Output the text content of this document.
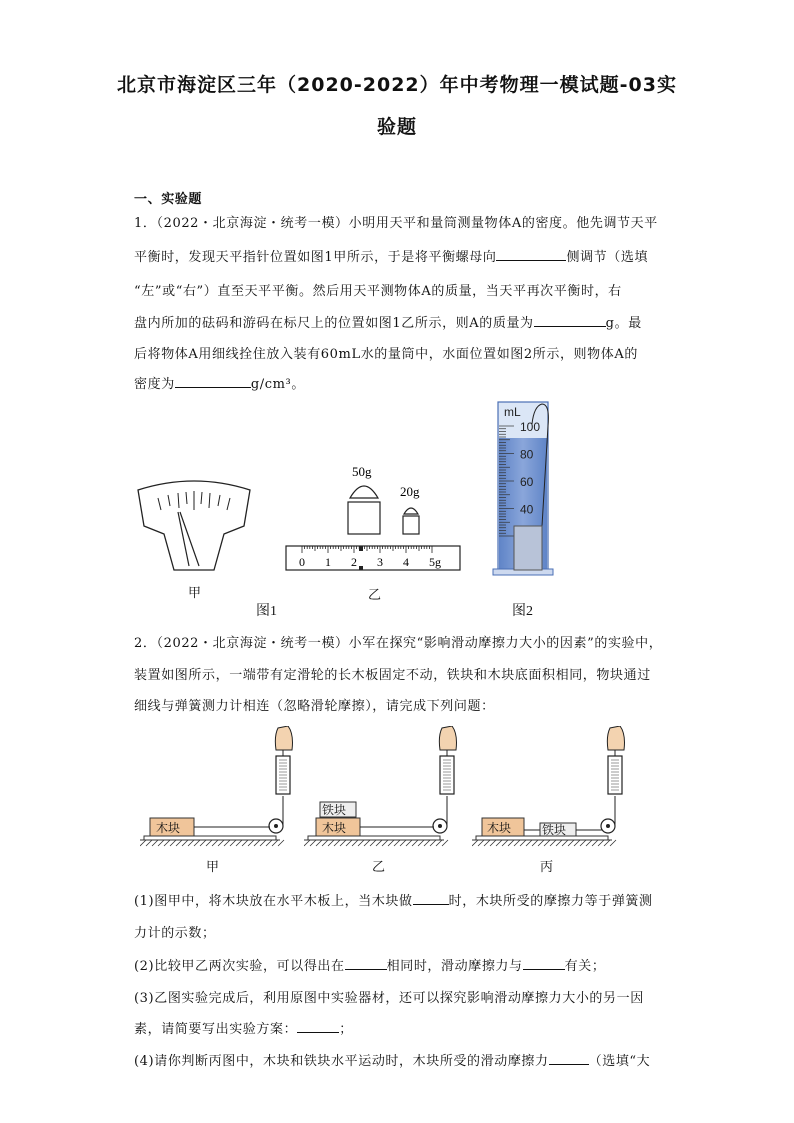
北京市海淀区三年（2020-2022）年中考物理一模试题-03实
验题
一、实验题
1．（2022・北京海淀・统考一模）小明用天平和量筒测量物体A的密度。他先调节天平
平衡时，发现天平指针位置如图1甲所示，于是将平衡螺母向	侧调节（选填
“左”或“右”）直至天平平衡。然后用天平测物体A的质量，当天平再次平衡时，右
盘内所加的砝码和游码在标尺上的位置如图1乙所示，则A的质量为	g。最
后将物体A用细线拴住放入装有60mL水的量筒中，水面位置如图2所示，则物体A的
密度为	g/cm³。
甲
50g
20g
0 1 2 3 4 5g
乙
图1
mL
100
80
60
40
图2
2．（2022・北京海淀・统考一模）小军在探究“影响滑动摩擦力大小的因素”的实验中，
装置如图所示，一端带有定滑轮的长木板固定不动，铁块和木块底面积相同，物块通过
细线与弹簧测力计相连（忽略滑轮摩擦），请完成下列问题：
木块
铁块
木块	木块	铁块
甲	乙	丙
(1)图甲中，将木块放在水平木板上，当木块做	时，木块所受的摩擦力等于弹簧测
力计的示数；
(2)比较甲乙两次实验，可以得出在	相同时，滑动摩擦力与	有关；
(3)乙图实验完成后，利用原图中实验器材，还可以探究影响滑动摩擦力大小的另一因
素，请简要写出实验方案：	；
(4)请你判断丙图中，木块和铁块水平运动时，木块所受的滑动摩擦力	（选填“大
